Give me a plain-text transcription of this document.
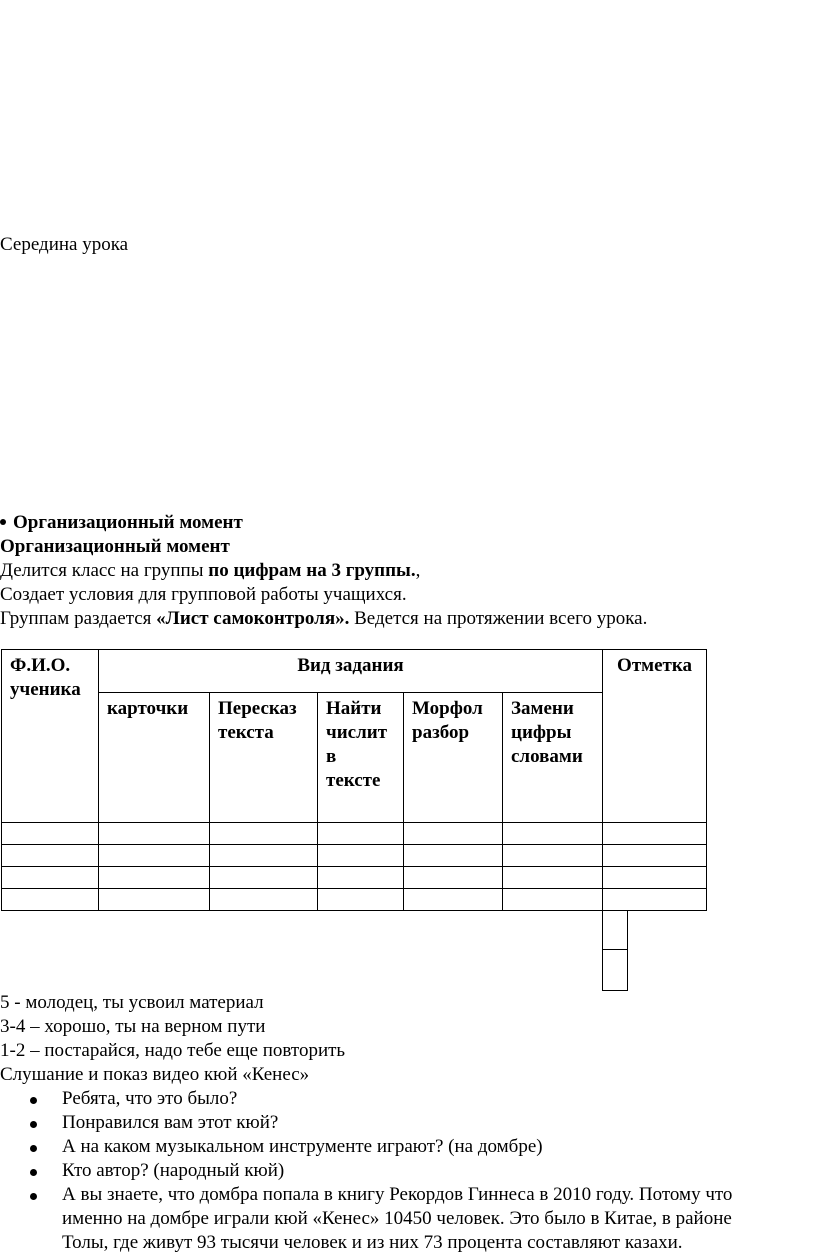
Середина урока
Организационный момент
Организационный момент
Делится класс на группы по цифрам на 3 группы.,
Создает условия для групповой работы учащихся.
Группам раздается «Лист самоконтроля». Ведется на протяжении всего урока.
Ф.И.О. ученика	Вид задания					Отметка
	карточки	Пересказ текста	Найти числит в тексте	Морфол разбор	Замени цифры словами	

5 - молодец, ты усвоил материал
3-4 – хорошо, ты на верном пути
1-2 – постарайся, надо тебе еще повторить
Слушание и показ видео кюй «Кенес»
Ребята, что это было?
Понравился вам этот кюй?
А на каком музыкальном инструменте играют? (на домбре)
Кто автор? (народный кюй)
А вы знаете, что домбра попала в книгу Рекордов Гиннеса в 2010 году. Потому что
именно на домбре играли кюй «Кенес» 10450 человек. Это было в Китае, в районе
Толы, где живут 93 тысячи человек и из них 73 процента составляют казахи.
